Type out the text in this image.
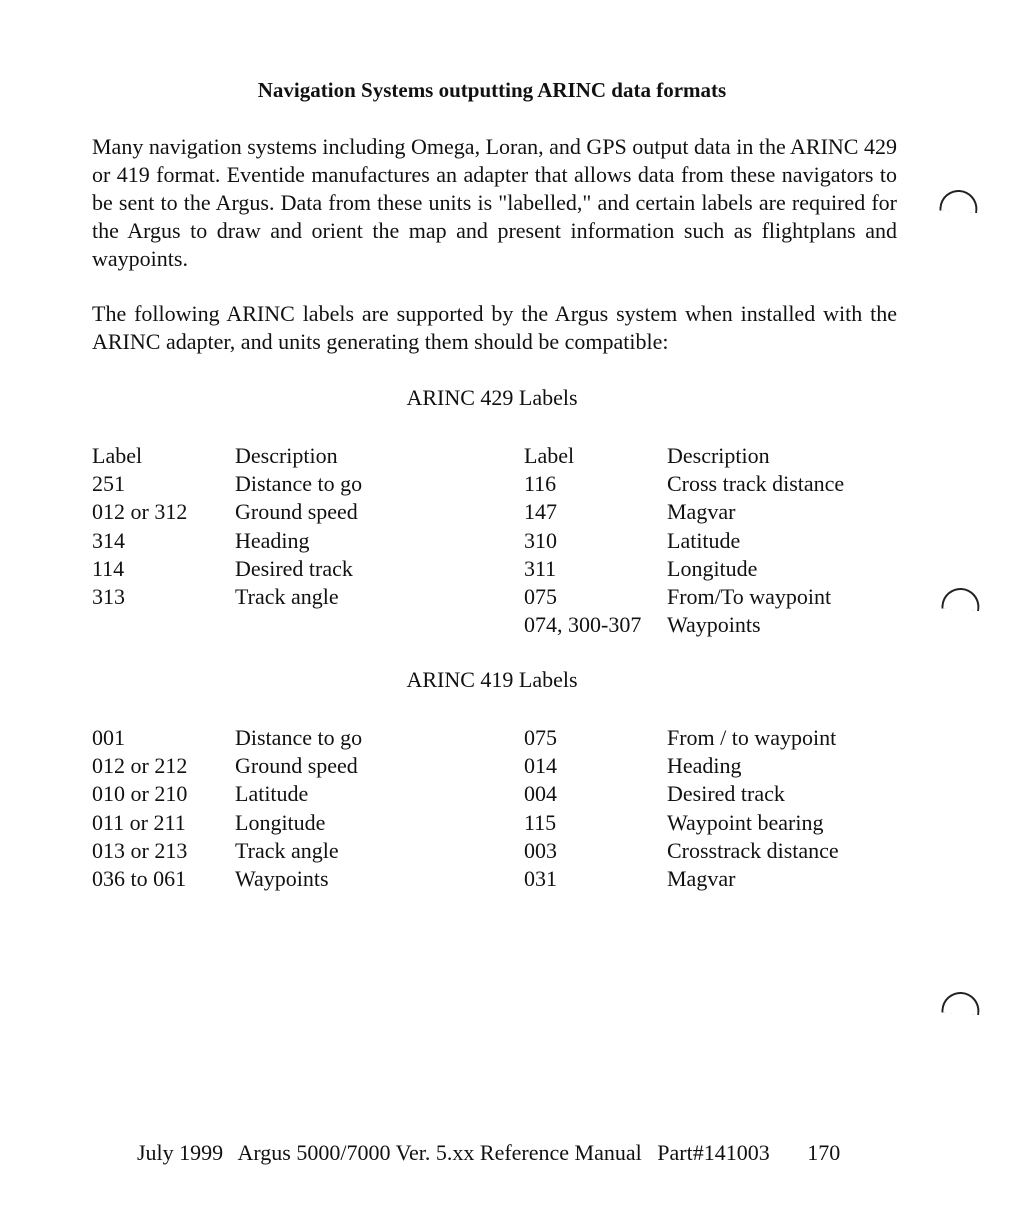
Navigation Systems outputting ARINC data formats

Many navigation systems including Omega, Loran, and GPS output data in the ARINC 429 or 419 format. Eventide manufactures an adapter that allows data from these navigators to be sent to the Argus. Data from these units is "labelled," and certain labels are required for the Argus to draw and orient the map and present information such as flightplans and waypoints.

The following ARINC labels are supported by the Argus system when installed with the ARINC adapter, and units generating them should be compatible:

ARINC 429 Labels
Label	Description	Label	Description
251	Distance to go	116	Cross track distance
012 or 312	Ground speed	147	Magvar
314	Heading	310	Latitude
114	Desired track	311	Longitude
313	Track angle	075	From/To waypoint
		074, 300-307	Waypoints
ARINC 419 Labels
001	Distance to go	075	From / to waypoint
012 or 212	Ground speed	014	Heading
010 or 210	Latitude	004	Desired track
011 or 211	Longitude	115	Waypoint bearing
013 or 213	Track angle	003	Crosstrack distance
036 to 061	Waypoints	031	Magvar
July 1999 Argus 5000/7000 Ver. 5.xx Reference Manual Part#141003 170
